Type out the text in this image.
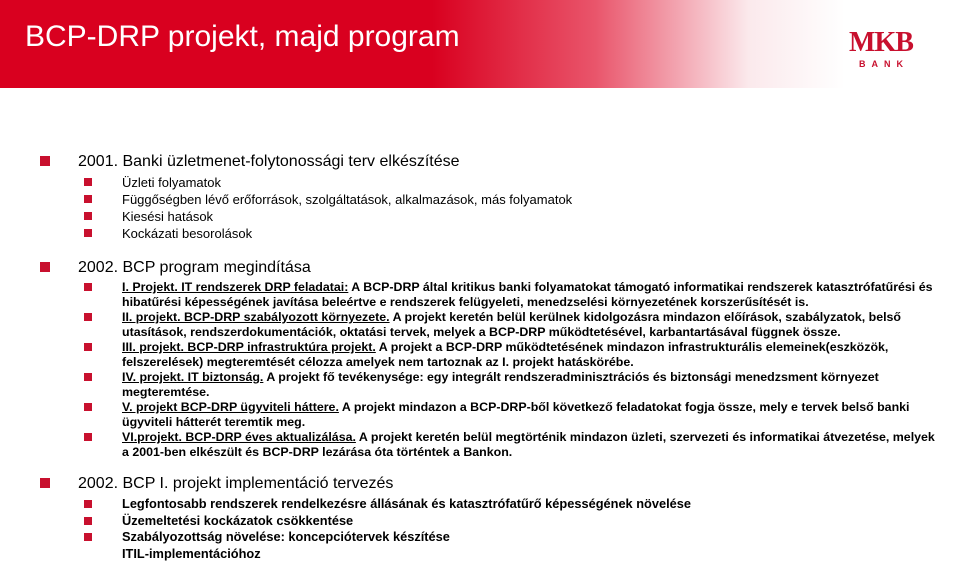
BCP-DRP projekt, majd program	MKB
BANK
2001. Banki üzletmenet-folytonossági terv elkészítése
Üzleti folyamatok
Függőségben lévő erőforrások, szolgáltatások, alkalmazások, más folyamatok
Kiesési hatások
Kockázati besorolások
2002. BCP program megindítása
I. Projekt. IT rendszerek DRP feladatai: A BCP-DRP által kritikus banki folyamatokat támogató informatikai rendszerek katasztrófatűrési és hibatűrési képességének javítása beleértve e rendszerek felügyeleti, menedzselési környezetének korszerűsítését is.
II. projekt. BCP-DRP szabályozott környezete. A projekt keretén belül kerülnek kidolgozásra mindazon előírások, szabályzatok, belső utasítások, rendszerdokumentációk, oktatási tervek, melyek a BCP-DRP működtetésével, karbantartásával függnek össze.
III. projekt. BCP-DRP infrastruktúra projekt. A projekt a BCP-DRP működtetésének mindazon infrastrukturális elemeinek(eszközök, felszerelések) megteremtését célozza amelyek nem tartoznak az I. projekt hatáskörébe.
IV. projekt. IT biztonság. A projekt fő tevékenysége: egy integrált rendszeradminisztrációs és biztonsági menedzsment környezet megteremtése.
V. projekt BCP-DRP ügyviteli háttere. A projekt mindazon a BCP-DRP-ből következő feladatokat fogja össze, mely e tervek belső banki ügyviteli hátterét teremtik meg.
VI.projekt. BCP-DRP éves aktualizálása. A projekt keretén belül megtörténik mindazon üzleti, szervezeti és informatikai átvezetése, melyek a 2001-ben elkészült és BCP-DRP lezárása óta történtek a Bankon.
2002. BCP I. projekt implementáció tervezés
Legfontosabb rendszerek rendelkezésre állásának és katasztrófatűrő képességének növelése
Üzemeltetési kockázatok csökkentése
Szabályozottság növelése: koncepciótervek készítése
ITIL-implementációhoz
